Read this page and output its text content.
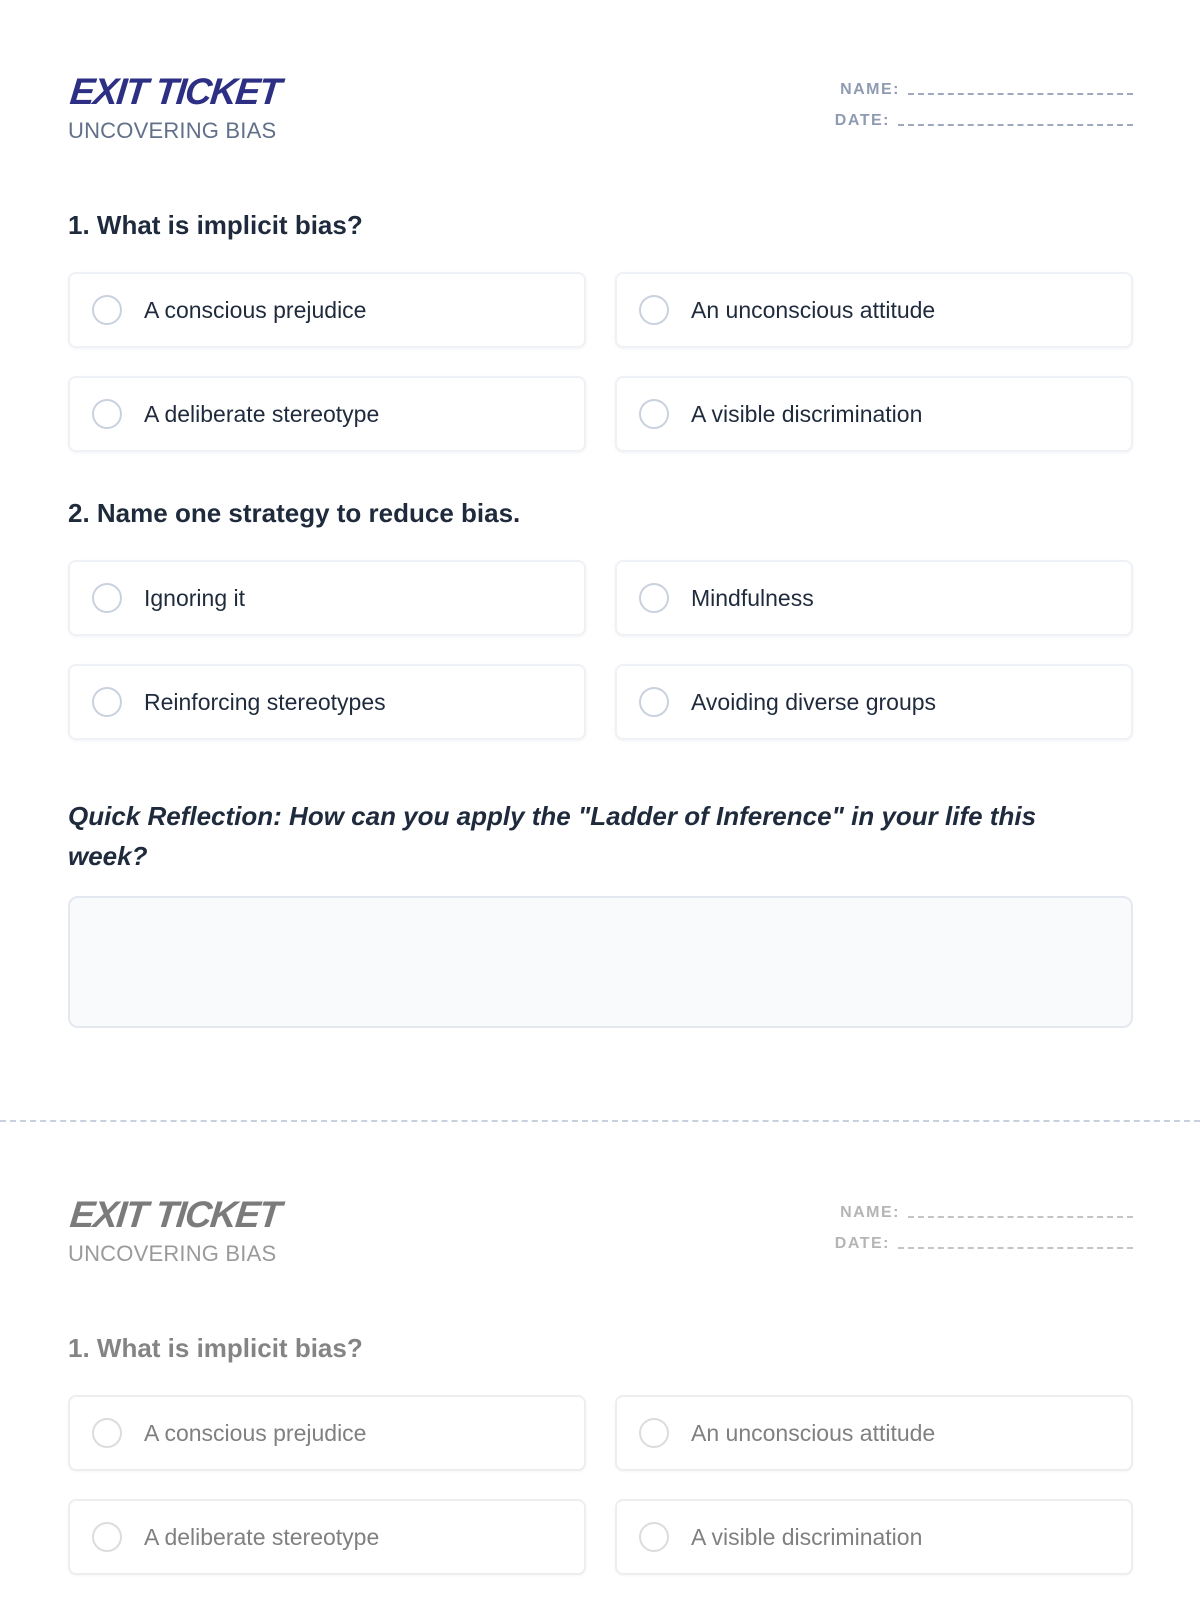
EXIT TICKET
UNCOVERING BIAS
NAME:
DATE:
1. What is implicit bias?
A conscious prejudice	An unconscious attitude
A deliberate stereotype	A visible discrimination
2. Name one strategy to reduce bias.
Ignoring it	Mindfulness
Reinforcing stereotypes	Avoiding diverse groups
Quick Reflection: How can you apply the "Ladder of Inference" in your life this week?
EXIT TICKET
UNCOVERING BIAS
NAME:
DATE:
1. What is implicit bias?
A conscious prejudice	An unconscious attitude
A deliberate stereotype	A visible discrimination
